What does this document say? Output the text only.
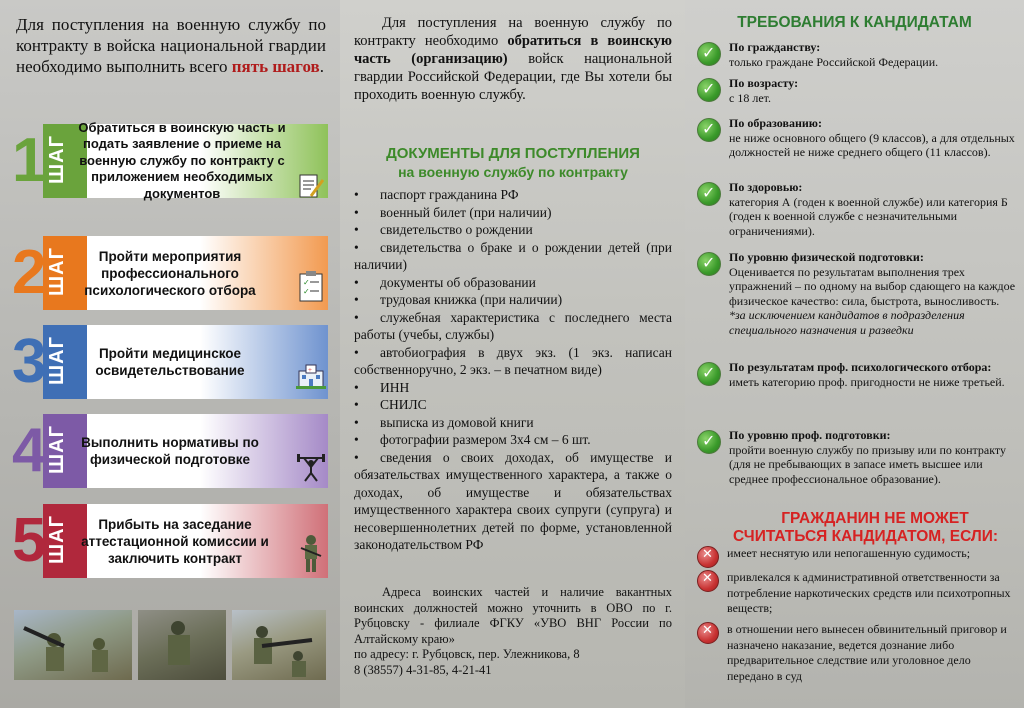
Для поступления на военную службу по контракту в войска национальной гвардии необходимо выполнить всего пять шагов.
ШАГ
1	Обратиться в воинскую часть и подать заявление о приеме на военную службу по контракту с приложением необходимых документов
ШАГ
2	Пройти мероприятия профессионального психологического отбора	✓
✓
ШАГ
3	Пройти медицинское освидетельствование	+
ШАГ
4	Выполнить нормативы по физической подготовке
ШАГ
5	Прибыть на заседание аттестационной комиссии и заключить контракт
Для поступления на военную службу по контракту необходимо обратиться в воинскую часть (организацию) войск национальной гвардии Российской Федерации, где Вы хотели бы проходить военную службу.
ДОКУМЕНТЫ ДЛЯ ПОСТУПЛЕНИЯ
на военную службу по контракту
• паспорт гражданина РФ
• военный билет (при наличии)
• свидетельство о рождении
• свидетельства о браке и о рождении детей (при наличии)
• документы об образовании
• трудовая книжка (при наличии)
• служебная характеристика с последнего места работы (учебы, службы)
• автобиография в двух экз. (1 экз. написан собственноручно, 2 экз. – в печатном виде)
• ИНН
• СНИЛС
• выписка из домовой книги
• фотографии размером 3х4 см – 6 шт.
• сведения о своих доходах, об имуществе и обязательствах имущественного характера, а также о доходах, об имуществе и обязательствах имущественного характера своих супруги (супруга) и несовершеннолетних детей по форме, установленной законодательством РФ

Адреса воинских частей и наличие вакантных воинских должностей можно уточнить в ОВО по г. Рубцовску - филиале ФГКУ «УВО ВНГ России по Алтайскому краю»

по адресу: г. Рубцовск, пер. Улежникова, 8

8 (38557) 4-31-85, 4-21-41

ТРЕБОВАНИЯ К КАНДИДАТАМ
✓
По гражданству:
только граждане Российской Федерации.
✓
По возрасту:
с 18 лет.
✓
По образованию:
не ниже основного общего (9 классов), а для отдельных должностей не ниже среднего общего (11 классов).
✓
По здоровью:
категория А (годен к военной службе) или категория Б (годен к военной службе с незначительными ограничениями).
✓
По уровню физической подготовки:
Оценивается по результатам выполнения трех упражнений – по одному на выбор сдающего на каждое физическое качество: сила, быстрота, выносливость.
*за исключением кандидатов в подразделения специального назначения и разведки
✓
По результатам проф. психологического отбора:
иметь категорию проф. пригодности не ниже третьей.
✓
По уровню проф. подготовки:
пройти военную службу по призыву или по контракту (для не пребывающих в запасе иметь высшее или среднее профессиональное образование).
ГРАЖДАНИН НЕ МОЖЕТ
СЧИТАТЬСЯ КАНДИДАТОМ, ЕСЛИ:
✕
имеет неснятую или непогашенную судимость;
✕
привлекался к административной ответственности за потребление наркотических средств или психотропных веществ;
✕
в отношении него вынесен обвинительный приговор и назначено наказание, ведется дознание либо предварительное следствие или уголовное дело передано в суд
